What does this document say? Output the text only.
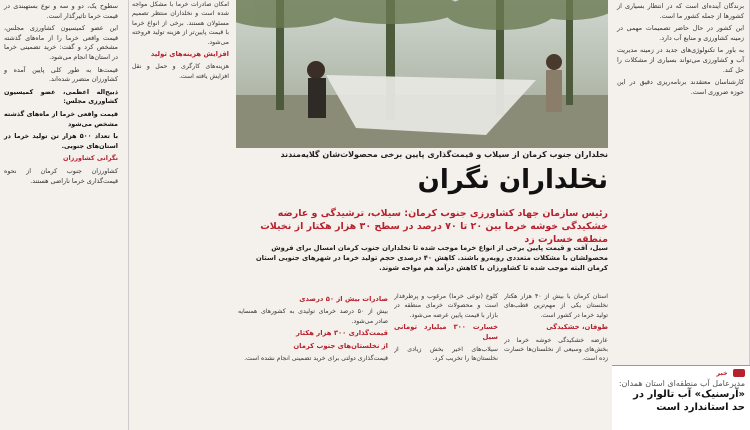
سطوح یک، دو و سه و نوع بستهبندی در قیمت خرما تاثیرگذار است.

این عضو کمیسیون کشاورزی مجلس، قیمت واقعی خرما را از ماه‌های گذشته مشخص کرد و گفت: خرید تضمینی خرما در استان‌ها انجام می‌شود.

قیمت‌ها به طور کلی پایین آمده و کشاورزان متضرر شده‌اند.

ذبیح‌اله اعظمی، عضو کمیسیون کشاورزی مجلس:

قیمت واقعی خرما از ماه‌های گذشته مشخص می‌شود

با تعداد ۵۰۰ هزار تن تولید خرما در استان‌های جنوبی.

نگرانی کشاورزان

کشاورزان جنوب کرمان از نحوه قیمت‌گذاری خرما ناراضی هستند.

امکان صادرات خرما با مشکل مواجه شده است و نخلداران منتظر تصمیم مسئولان هستند. برخی از انواع خرما با قیمت پایین‌تر از هزینه تولید فروخته می‌شود.

افزایش هزینه‌های تولید

هزینه‌های کارگری و حمل و نقل افزایش یافته است.

نخلداران جنوب کرمان از سیلاب و قیمت‌گذاری پایین برخی محصولات‌شان گلایه‌مندند
نخلداران نگران
رئیس سازمان جهاد کشاورزی جنوب کرمان: سیلاب، ترشیدگی و عارضه خشکیدگی خوشه خرما بین ۲۰ تا ۷۰ درصد در سطح ۳۰ هزار هکتار از نخیلات منطقه خسارت زد
سیل، آفت و قیمت پایین برخی از انواع خرما موجب شده تا نخلداران جنوب کرمان امسال برای فروش محصولشان با مشکلات متعددی روبه‌رو باشند. کاهش ۴۰ درصدی حجم تولید خرما در شهرهای جنوبی استان کرمان البته موجب شده تا کشاورزان با کاهش درآمد هم مواجه شوند.

استان کرمان با بیش از ۴۰ هزار هکتار نخلستان یکی از مهم‌ترین قطب‌های تولید خرما در کشور است.

طوفان، خشکیدگی

عارضه خشکیدگی خوشه خرما در بخش‌های وسیعی از نخلستان‌ها خسارت زده است.

کلوخ (نوعی خرما) مرغوب و پرطرفدار است و محصولات خرمای منطقه در بازار با قیمت پایین عرضه می‌شود.

خسارت ۳۰۰ میلیارد تومانی سیل

سیلاب‌های اخیر بخش زیادی از نخلستان‌ها را تخریب کرد.

صادرات بیش از ۵۰ درصدی

بیش از ۵۰ درصد خرمای تولیدی به کشورهای همسایه صادر می‌شود.

قیمت‌گذاری ۳۰۰ هزار هکتار
از نخلستان‌های جنوب کرمان

قیمت‌گذاری دولتی برای خرید تضمینی انجام نشده است.

برندگان آینده‌ای است که در انتظار بسیاری از کشورها از جمله کشور ما است.

این کشور در حال حاضر تصمیمات مهمی در زمینه کشاورزی و منابع آب دارد.

به باور ما تکنولوژی‌های جدید در زمینه مدیریت آب و کشاورزی می‌تواند بسیاری از مشکلات را حل کند.

کارشناسان معتقدند برنامه‌ریزی دقیق در این حوزه ضروری است.

خبر
مدیرعامل آب منطقه‌ای استان همدان:
«آرسنیک» آب تالوار در حد استاندارد است
